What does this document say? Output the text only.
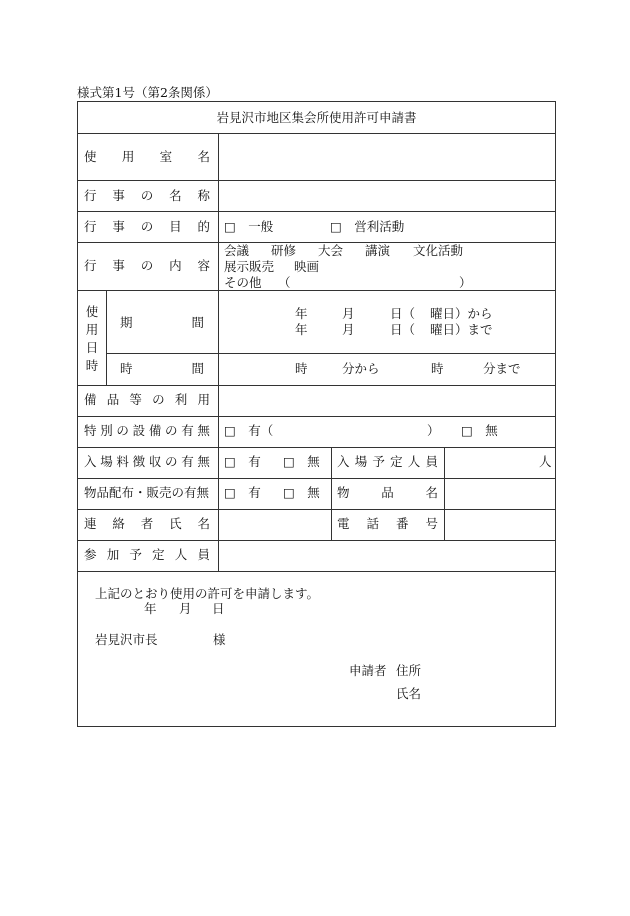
様式第1号（第2条関係）
岩見沢市地区集会所使用許可申請書
使 用 室 名
行 事 の 名 称
行 事 の 目 的 □　一般	□　営利活動
行 事 の 内 容
会議 研修 大会 講演 文化活動
展示販売 映画
その他 （	）
使
用
日
時
期	間
年	月	日（ 曜日）から
年	月	日（ 曜日）まで
時	間	時	分から	時	分まで
備 品 等 の 利 用
特 別 の 設 備 の 有 無 □　有（	） □　無
入 場 料 徴 収 の 有 無 □　有 □　無 入 場 予 定 人 員	人
物品配布・販売の有無 □　有 □　無 物	品	名
連 絡 者 氏 名	電 話 番 号
参 加 予 定 人 員
上記のとおり使用の許可を申請します。
年 月 日
岩見沢市長	様
申請者 住所
氏名
